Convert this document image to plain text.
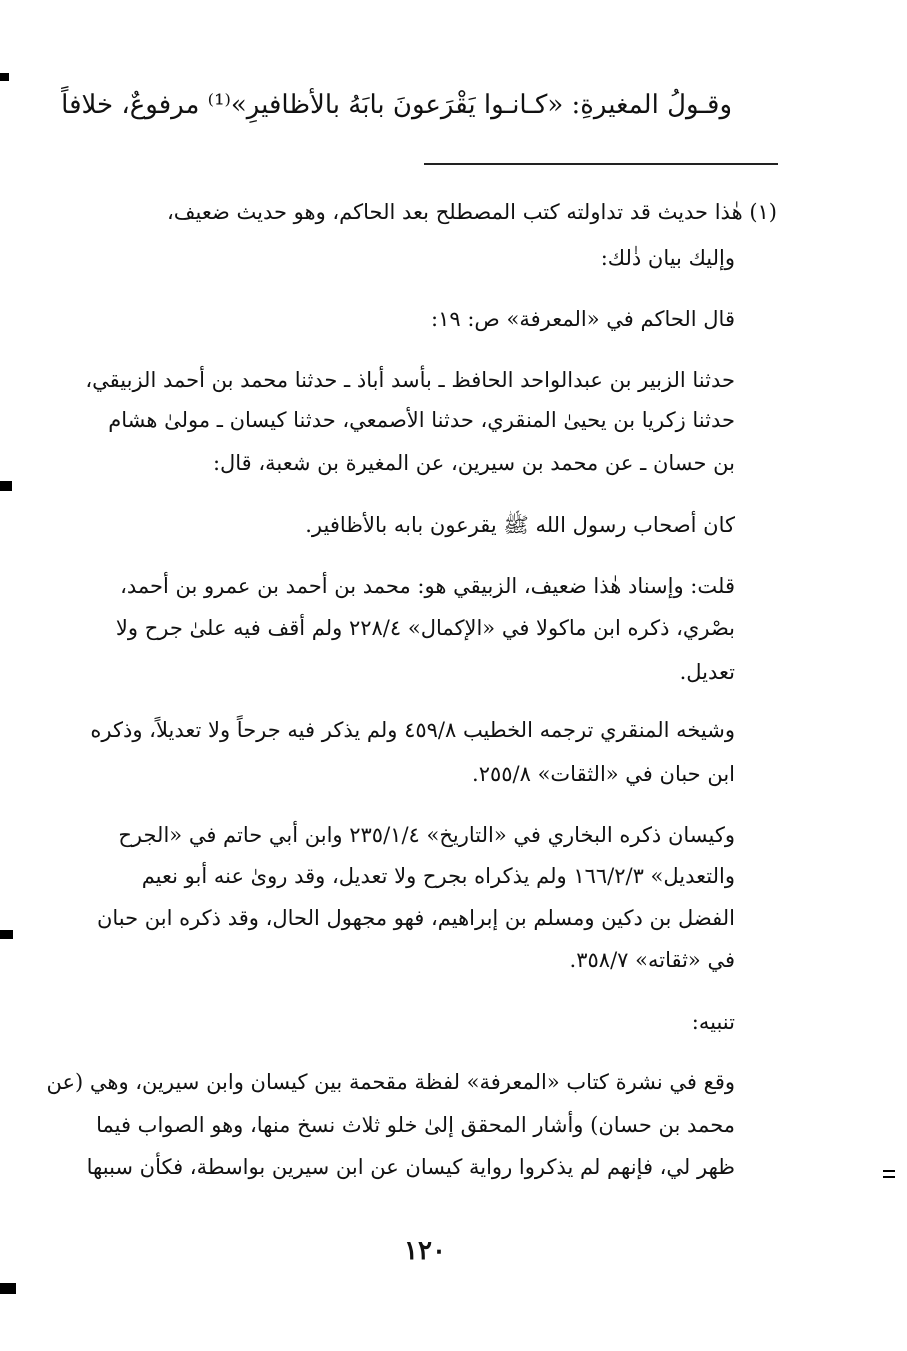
وقـولُ المغيرةِ: «كـانـوا يَقْرَعونَ بابَهُ بالأظافيرِ»⁽¹⁾ مرفوعٌ، خلافاً
(١) هٰذا حديث قد تداولته كتب المصطلح بعد الحاكم، وهو حديث ضعيف،
وإليك بيان ذٰلك:
قال الحاكم في «المعرفة» ص: ١٩:
حدثنا الزبير بن عبدالواحد الحافظ ـ بأسد أباذ ـ حدثنا محمد بن أحمد الزبيقي،
حدثنا زكريا بن يحيىٰ المنقري، حدثنا الأصمعي، حدثنا كيسان ـ مولىٰ هشام
بن حسان ـ عن محمد بن سيرين، عن المغيرة بن شعبة، قال:
كان أصحاب رسول الله ﷺ يقرعون بابه بالأظافير.
قلت: وإسناد هٰذا ضعيف، الزبيقي هو: محمد بن أحمد بن عمرو بن أحمد،
بصْري، ذكره ابن ماكولا في «الإكمال» ٢٢٨/٤ ولم أقف فيه علىٰ جرح ولا
تعديل.
وشيخه المنقري ترجمه الخطيب ٤٥٩/٨ ولم يذكر فيه جرحاً ولا تعديلاً، وذكره
ابن حبان في «الثقات» ٢٥٥/٨.
وكيسان ذكره البخاري في «التاريخ» ٢٣٥/١/٤ وابن أبي حاتم في «الجرح
والتعديل» ١٦٦/٢/٣ ولم يذكراه بجرح ولا تعديل، وقد روىٰ عنه أبو نعيم
الفضل بن دكين ومسلم بن إبراهيم، فهو مجهول الحال، وقد ذكره ابن حبان
في «ثقاته» ٣٥٨/٧.
تنبيه:
وقع في نشرة كتاب «المعرفة» لفظة مقحمة بين كيسان وابن سيرين، وهي (عن
محمد بن حسان) وأشار المحقق إلىٰ خلو ثلاث نسخ منها، وهو الصواب فيما
ظهر لي، فإنهم لم يذكروا رواية كيسان عن ابن سيرين بواسطة، فكأن سببها
١٢٠
